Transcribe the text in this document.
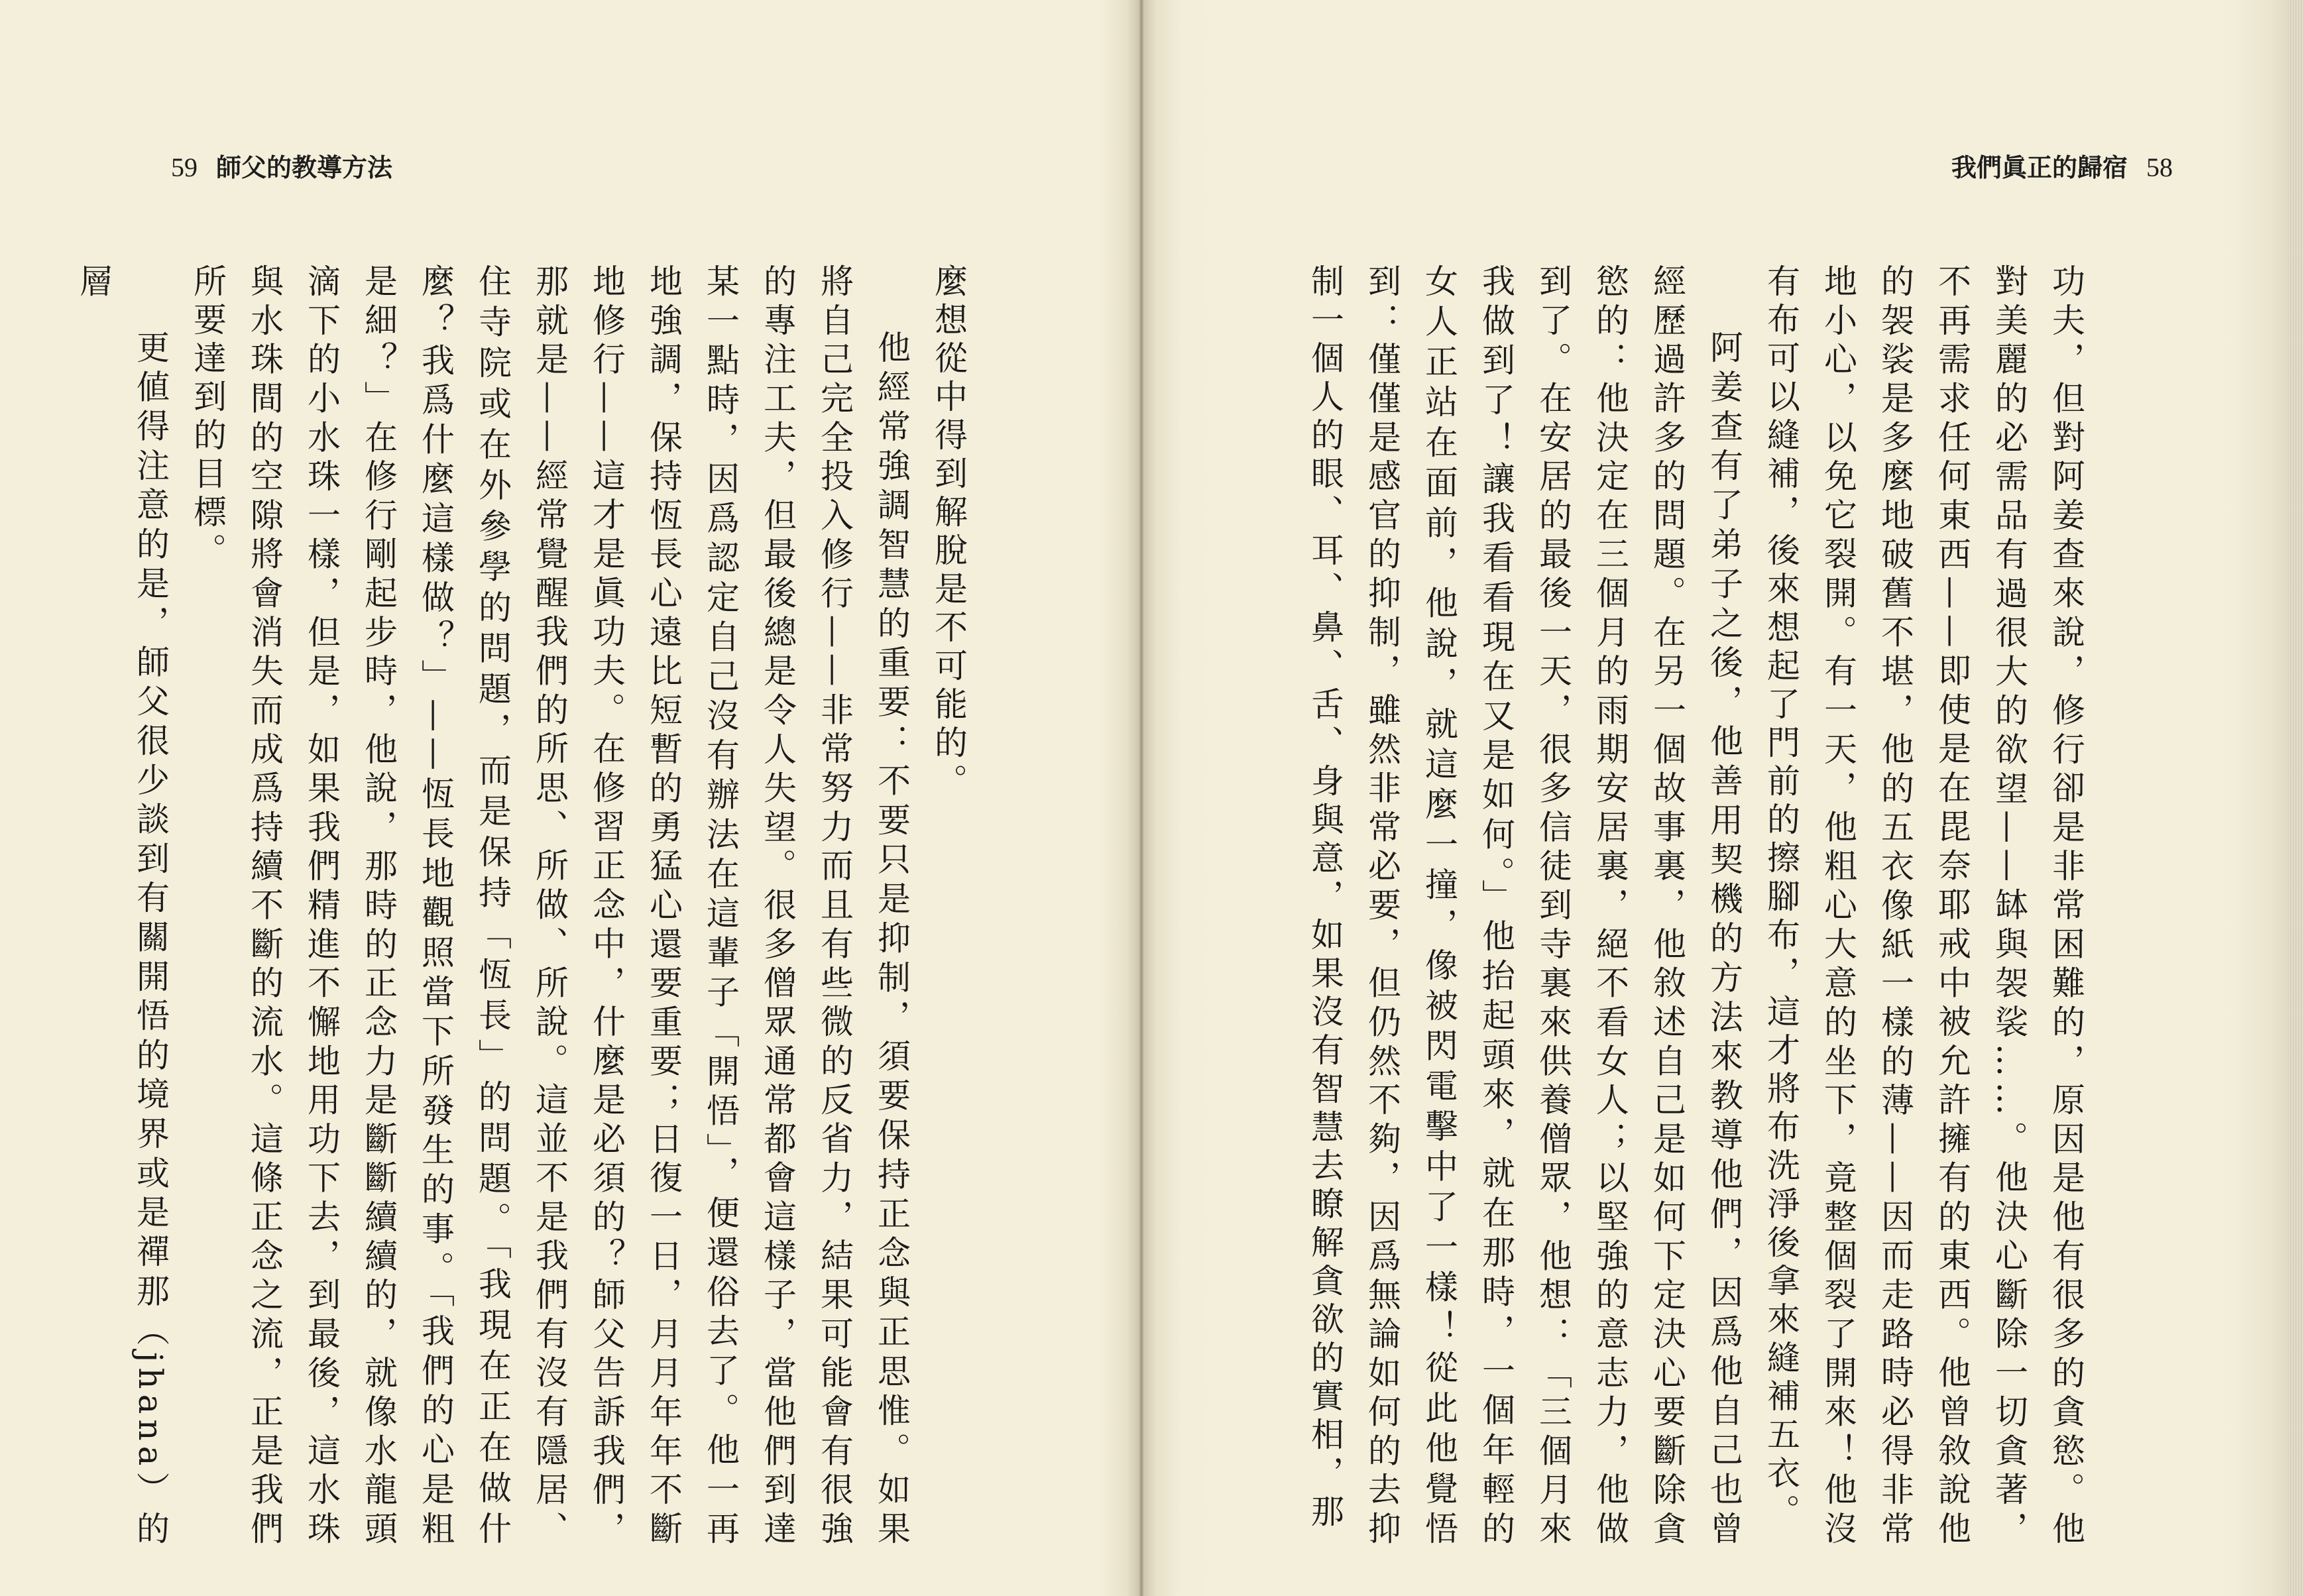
59 師父的教導方法

麼想從中得到解脫是不可能的。

他經常強調智慧的重要：不要只是抑制，須要保持正念與正思惟。如果將自己完全投入修行——非常努力而且有些微的反省力，結果可能會有很強的專注工夫，但最後總是令人失望。很多僧眾通常都會這樣子，當他們到達某一點時，因爲認定自己沒有辦法在這輩子「開悟」，便還俗去了。他一再地強調，保持恆長心遠比短暫的勇猛心還要重要；日復一日，月月年年不斷地修行——這才是眞功夫。在修習正念中，什麼是必須的？師父告訴我們，那就是——經常覺醒我們的所思、所做、所說。這並不是我們有沒有隱居、住寺院或在外參學的問題，而是保持「恆長」的問題。「我現在正在做什麼？我爲什麼這樣做？」——恆長地觀照當下所發生的事。「我們的心是粗是細？」在修行剛起步時，他說，那時的正念力是斷斷續續的，就像水龍頭滴下的小水珠一樣，但是，如果我們精進不懈地用功下去，到最後，這水珠與水珠間的空隙將會消失而成爲持續不斷的流水。這條正念之流，正是我們所要達到的目標。

更値得注意的是，師父很少談到有關開悟的境界或是禪那（jhana）的層

我們眞正的歸宿 58

功夫，但對阿姜查來說，修行卻是非常困難的，原因是他有很多的貪慾。他對美麗的必需品有過很大的欲望——缽與袈裟……。他決心斷除一切貪著，不再需求任何東西——即使是在毘奈耶戒中被允許擁有的東西。他曾敘說他的袈裟是多麼地破舊不堪，他的五衣像紙一樣的薄——因而走路時必得非常地小心，以免它裂開。有一天，他粗心大意的坐下，竟整個裂了開來！他沒有布可以縫補，後來想起了門前的擦腳布，這才將布洗淨後拿來縫補五衣。

阿姜查有了弟子之後，他善用契機的方法來教導他們，因爲他自己也曾經歷過許多的問題。在另一個故事裏，他敘述自己是如何下定決心要斷除貪慾的：他決定在三個月的雨期安居裏，絕不看女人；以堅強的意志力，他做到了。在安居的最後一天，很多信徒到寺裏來供養僧眾，他想：「三個月來我做到了！讓我看看現在又是如何。」他抬起頭來，就在那時，一個年輕的女人正站在面前，他說，就這麼一撞，像被閃電擊中了一樣！從此他覺悟到：僅僅是感官的抑制，雖然非常必要，但仍然不夠，因爲無論如何的去抑制一個人的眼、耳、鼻、舌、身與意，如果沒有智慧去瞭解貪欲的實相，那
